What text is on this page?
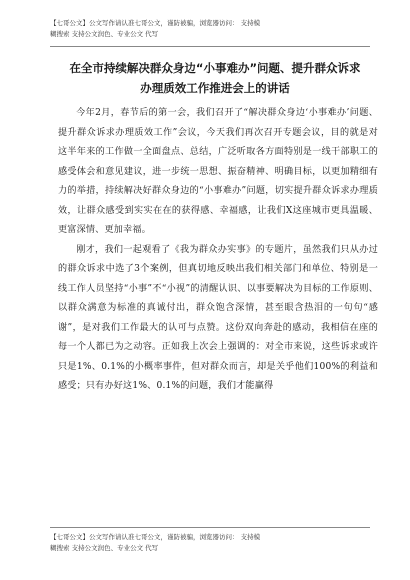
【七哥公文】公文写作请认准七哥公文，谨防被骗，浏览器访问： 支持模
糊搜索 支持公文润色、专业公文 代写
在全市持续解决群众身边“小事难办”问题、提升群众诉求
办理质效工作推进会上的讲话

今年2月，春节后的第一会，我们召开了“解决群众身边‘小事难办’问题、提升群众诉求办理质效工作”会议，今天我们再次召开专题会议，目的就是对这半年来的工作做一全面盘点、总结，广泛听取各方面特别是一线干部职工的感受体会和意见建议，进一步统一思想、振奋精神、明确目标，以更加精细有力的举措，持续解决好群众身边的“小事难办”问题，切实提升群众诉求办理质效，让群众感受到实实在在的获得感、幸福感，让我们X这座城市更具温暖、更富深情、更加幸福。

刚才，我们一起观看了《我为群众办实事》的专题片，虽然我们只从办过的群众诉求中选了3个案例，但真切地反映出我们相关部门和单位、特别是一线工作人员坚持“小事”不“小视”的清醒认识、以事要解决为目标的工作原则、以群众满意为标准的真诚付出，群众饱含深情，甚至眼含热泪的一句句“感谢”，是对我们工作最大的认可与点赞。这份双向奔赴的感动，我相信在座的每一个人都已为之动容。正如我上次会上强调的：对全市来说，这些诉求或许只是1%、0.1%的小概率事件，但对群众而言，却是关乎他们100%的利益和感受；只有办好这1%、0.1%的问题，我们才能赢得

【七哥公文】公文写作请认准七哥公文，谨防被骗，浏览器访问： 支持模
糊搜索 支持公文润色、专业公文 代写
